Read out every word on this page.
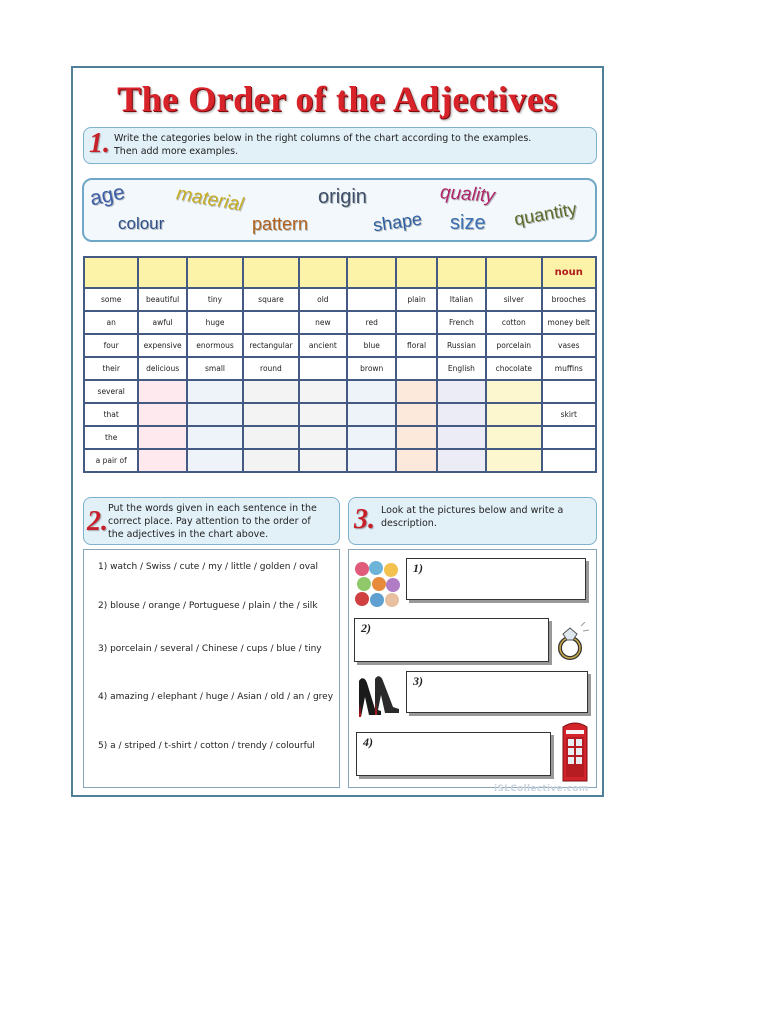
The Order of the Adjectives
1. Write the categories below in the right columns of the chart according to the examples.
Then add more examples.
age
colour
material
pattern
origin
shape
quality
size quantity
									noun
some	beautiful	tiny	square	old		plain	Italian	silver	brooches
an	awful	huge		new	red		French	cotton	money belt
four	expensive	enormous	rectangular	ancient	blue	floral	Russian	porcelain	vases
their	delicious	small	round		brown		English	chocolate	muffins
several									
that									skirt
the									
a pair of									
2. Put the words given in each sentence in the
correct place. Pay attention to the order of
the adjectives in the chart above.	3. Look at the pictures below and write a
description.
1) watch / Swiss / cute / my / little / golden / oval
2) blouse / orange / Portuguese / plain / the / silk
3) porcelain / several / Chinese / cups / blue / tiny
4) amazing / elephant / huge / Asian / old / an / grey
5) a / striped / t-shirt / cotton / trendy / colourful
1)
2)
3)
4)
iSLCollective.com
